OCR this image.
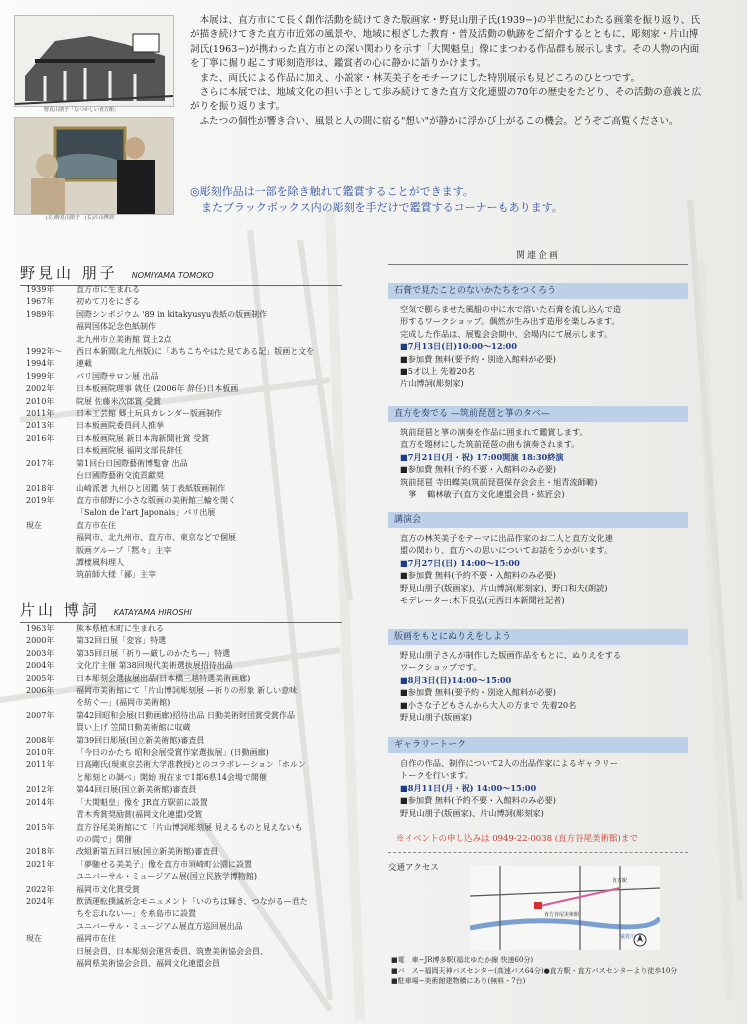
野見山朋子「なつかしい直方駅」
(左)野見山朋子　(右)片山博詞

本展は、直方市にて長く創作活動を続けてきた版画家・野見山朋子氏(1939−)の半世紀にわたる画業を振り返り、氏が描き続けてきた直方市近郊の風景や、地域に根ざした教育・普及活動の軌跡をご紹介するとともに、彫刻家・片山博詞氏(1963−)が携わった直方市との深い関わりを示す「大関魁皇」像にまつわる作品群も展示します。その人物の内面を丁寧に掘り起こす彫刻造形は、鑑賞者の心に静かに語りかけます。

また、両氏による作品に加え、小説家・林芙美子をモチーフにした特別展示も見どころのひとつです。

さらに本展では、地域文化の担い手として歩み続けてきた直方文化連盟の70年の歴史をたどり、その活動の意義と広がりを振り返ります。

ふたつの個性が響き合い、風景と人の間に宿る"想い"が静かに浮かび上がるこの機会。どうぞご高覧ください。

◎彫刻作品は一部を除き触れて鑑賞することができます。
　またブラックボックス内の彫刻を手だけで鑑賞するコーナーもあります。
野見山 朋子 NOMIYAMA TOMOKO
1939年	直方市に生まれる
1967年	初めて刀をにぎる
1989年	国際シンポジウム '89 in kitakyusyu表紙の版画制作
福岡国体記念色紙制作
北九州市立美術館 買上2点
1992年〜	西日本新聞(北九州版)に「あちこちやはた見てある記」版画と文を
1994年	連載
1999年	パリ国際サロン展 出品
2002年	日本板画院理事 就任 (2006年 辞任)日本板画
2010年	院展 佐藤米次郎賞 受賞
2011年	日本工芸館 郷土玩具カレンダー版画制作
2013年	日本板画院委員同人推挙
2016年	日本板画院展 新日本海新聞社賞 受賞
日本板画院展 福岡文部長辞任
2017年	第1回台日国際藝術博覧會 出品
台日國際藝術交流貢獻奨
2018年	山崎派著 九州ひと図鑑 装丁表紙版画制作
2019年	直方市郁野に小さな版画の美術館三輪を開く
「Salon de l'art Japonais」パリ出展
現在	直方市在住
福岡市、北九州市、直方市、東京などで個展
版画グループ「黙々」主宰
譚棲風科理人
筑前師大様「鄙」主宰
片山 博詞 KATAYAMA HIROSHI
1963年	熊本県植木町に生まれる
2000年	第32回日展「変容」特選
2003年	第35回日展「祈り—厳しのかたち—」特選
2004年	文化庁主催 第38回現代美術選抜展招待出品
2005年	日本彫刻会選抜展出品(日本橋三越特選美術画廊)
2006年	福岡市美術館にて「片山博詞彫刻展 —祈りの形象 新しい意味
を紡ぐ—」(福岡市美術館)
2007年	第42回昭和会展(日動画廊)招待出品 日動美術財団賞受賞作品
買い上げ 笠間日動美術館に収蔵
2008年	第39回日彫展(国立新美術館)審査員
2010年	「今日のかたち 昭和会展受賞作家選抜展」(日動画廊)
2011年	日高剛氏(現東京芸術大学准教授)とのコラボレーション「ホルン
と彫刻との調べ」開始 現在まで1都6県14会場で開催
2012年	第44回日展(国立新美術館)審査員
2014年	「大関魁皇」像を JR直方駅前に設置
青木秀賞奨励賞(福岡文化連盟)受賞
2015年	直方谷尾美術館にて「片山博詞彫刻展 見えるものと見えないも
のの間で」開催
2018年	改組新第五回日展(国立新美術館)審査員
2021年	「夢馳せる美美子」像を直方市須崎町公園に設置
ユニバーサル・ミュージアム展(国立民族学博物館)
2022年	福岡市文化賞受賞
2024年	飲酒運転撲滅祈念モニュメント「いのちは輝き、つながる—君た
ちを忘れない—」を糸島市に設置
ユニバーサル・ミュージアム展直方巡回展出品
現在	福岡市在住
日展会員、日本彫刻会運営委員、筑豊美術協会会員、
福岡県美術協会会員、福岡文化連盟会員
関連企画
石膏で見たことのないかたちをつくろう
空気で膨らませた風船の中に水で溶いた石膏を流し込んで造
形するワークショップ。偶然が生み出す造形を楽しみます。
完成した作品は、展覧会会期中、会場内にて展示します。
■7月13日(日)10:00〜12:00
■参加費 無料(要予約・別途入館料が必要)
■5才以上 先着20名
片山博詞(彫刻家)
直方を奏でる —筑前琵琶と箏のタベ—
筑前琵琶と箏の演奏を作品に囲まれて鑑賞します。
直方を題材にした筑前琵琶の曲も演奏されます。
■7月21日(月・祝) 17:00開演 18:30終演
■参加費 無料(予約不要・入館料のみ必要)
筑前琵琶 寺田蝶美(筑前琵琶保存会会主・旭青流師範)
　箏　 鶴林敏子(直方文化連盟会員・紘匠会)
講演会
直方の林芙美子をテーマに出品作家のお二人と直方文化連
盟の関わり、直方への思いについてお話をうかがいます。
■7月27日(日) 14:00〜15:00
■参加費 無料(予約不要・入館料のみ必要)
野見山朋子(版画家)、片山博詞(彫刻家)、野口和夫(朗読)
モデレーター:木下良弘(元西日本新聞社記者)
版画をもとにぬりえをしよう
野見山朋子さんが制作した版画作品をもとに、ぬりえをする
ワークショップです。
■8月3日(日)14:00〜15:00
■参加費 無料(要予約・別途入館料が必要)
■小さな子どもさんから大人の方まで 先着20名
野見山朋子(版画家)
ギャラリートーク
自作の作品、制作について2人の出品作家によるギャラリー
トークを行います。
■8月11日(月・祝) 14:00〜15:00
■参加費 無料(予約不要・入館料のみ必要)
野見山朋子(版画家)、片山博詞(彫刻家)
※イベントの申し込みは 0949-22-0038 (直方谷尾美術館)まで
交通アクセス
直方谷尾美術館
直方駅
遠賀川
■電　車−JR博多駅(福北ゆたか線 快速60分)
■バ　ス−福岡天神バスセンター(高速バス64分)●直方駅・直方バスセンターより徒歩10分
■駐車場−美術館建物横にあり(無料・7台)
